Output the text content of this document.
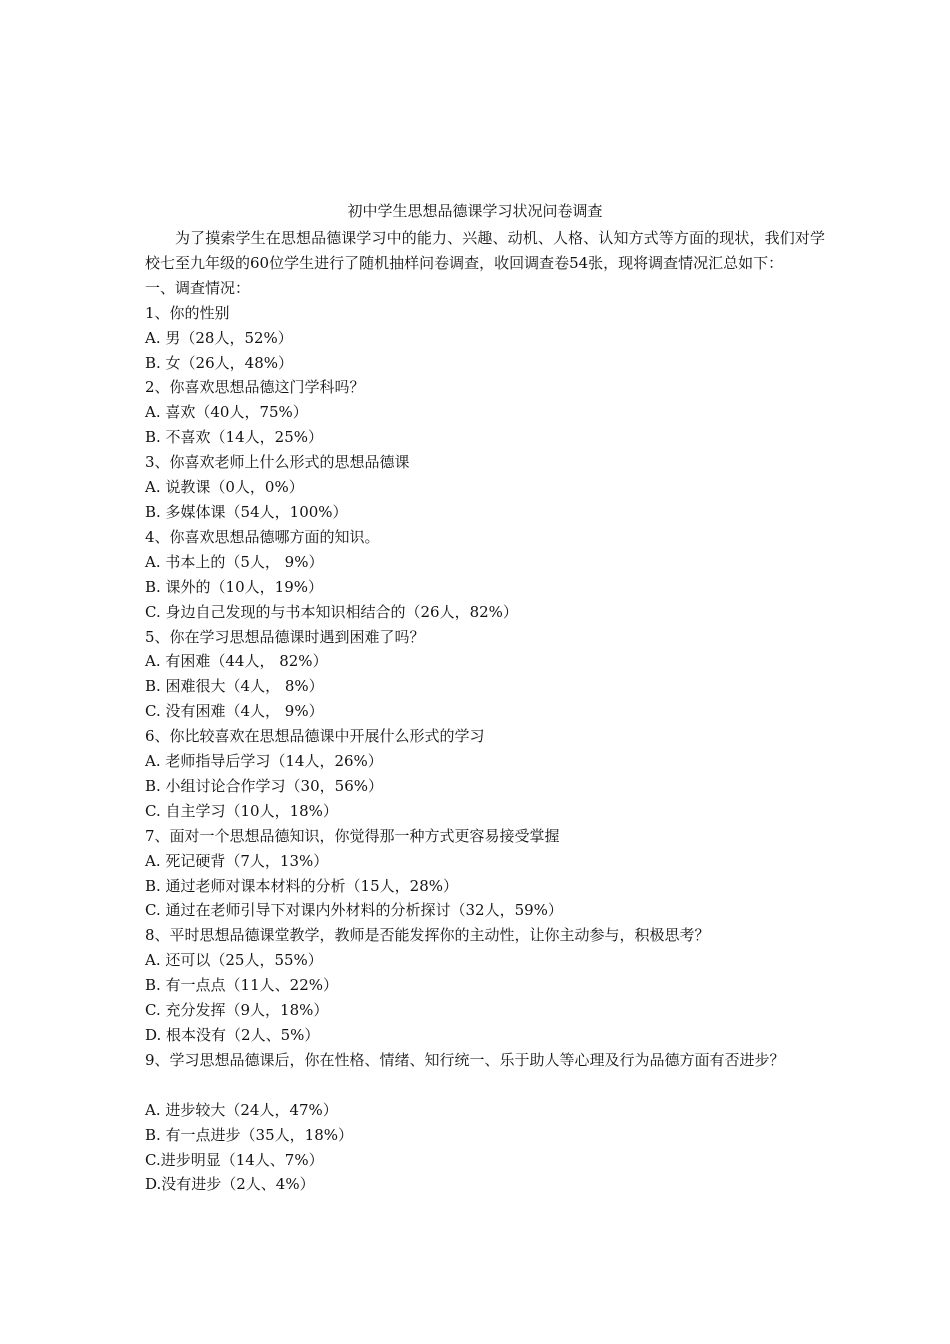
初中学生思想品德课学习状况问卷调查

为了摸索学生在思想品德课学习中的能力、兴趣、动机、人格、认知方式等方面的现状，我们对学校七至九年级的60位学生进行了随机抽样问卷调查，收回调查卷54张，现将调查情况汇总如下：

一、调查情况：
1、你的性别
A. 男（28人，52%）
B. 女（26人，48%）
2、你喜欢思想品德这门学科吗？
A. 喜欢（40人，75%）
B. 不喜欢（14人，25%）
3、你喜欢老师上什么形式的思想品德课
A. 说教课（0人，0%）
B. 多媒体课（54人，100%）
4、你喜欢思想品德哪方面的知识。
A. 书本上的（5人， 9%）
B. 课外的（10人，19%）
C. 身边自己发现的与书本知识相结合的（26人，82%）
5、你在学习思想品德课时遇到困难了吗？
A. 有困难（44人， 82%）
B. 困难很大（4人， 8%）
C. 没有困难（4人， 9%）
6、你比较喜欢在思想品德课中开展什么形式的学习
A. 老师指导后学习（14人，26%）
B. 小组讨论合作学习（30，56%）
C. 自主学习（10人，18%）
7、面对一个思想品德知识，你觉得那一种方式更容易接受掌握
A. 死记硬背（7人，13%）
B. 通过老师对课本材料的分析（15人，28%）
C. 通过在老师引导下对课内外材料的分析探讨（32人，59%）
8、平时思想品德课堂教学，教师是否能发挥你的主动性，让你主动参与，积极思考？
A. 还可以（25人，55%）
B. 有一点点（11人、22%）
C. 充分发挥（9人，18%）
D. 根本没有（2人、5%）
9、学习思想品德课后，你在性格、情绪、知行统一、乐于助人等心理及行为品德方面有否进步？
A. 进步较大（24人，47%）
B. 有一点进步（35人，18%）
C.进步明显（14人、7%）
D.没有进步（2人、4%）
